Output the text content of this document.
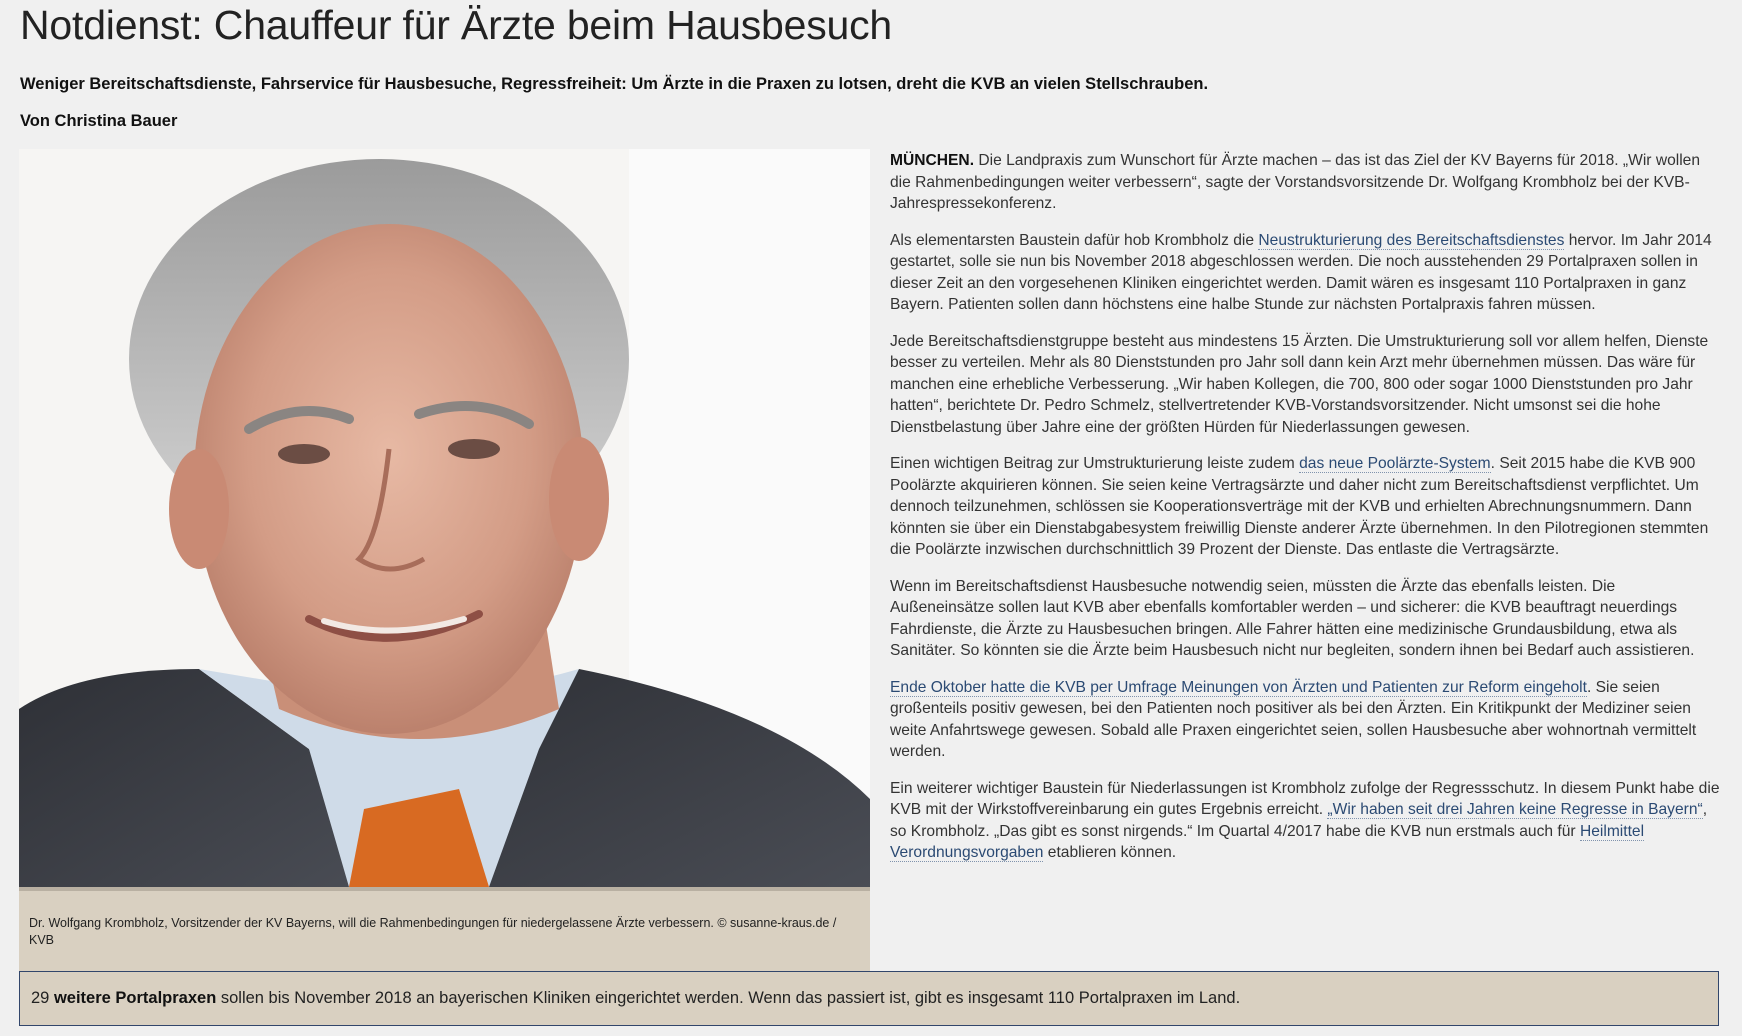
Notdienst: Chauffeur für Ärzte beim Hausbesuch

Weniger Bereitschaftsdienste, Fahrservice für Hausbesuche, Regressfreiheit: Um Ärzte in die Praxen zu lotsen, dreht die KVB an vielen Stellschrauben.

Von Christina Bauer

Dr. Wolfgang Krombholz, Vorsitzender der KV Bayerns, will die Rahmenbedingungen für niedergelassene Ärzte verbessern. © susanne-kraus.de / KVB

MÜNCHEN. Die Landpraxis zum Wunschort für Ärzte machen – das ist das Ziel der KV Bayerns für 2018. „Wir wollen die Rahmenbedingungen weiter verbessern“, sagte der Vorstandsvorsitzende Dr. Wolfgang Krombholz bei der KVB-Jahrespressekonferenz.

Als elementarsten Baustein dafür hob Krombholz die Neustrukturierung des Bereitschaftsdienstes hervor. Im Jahr 2014 gestartet, solle sie nun bis November 2018 abgeschlossen werden. Die noch ausstehenden 29 Portalpraxen sollen in dieser Zeit an den vorgesehenen Kliniken eingerichtet werden. Damit wären es insgesamt 110 Portalpraxen in ganz Bayern. Patienten sollen dann höchstens eine halbe Stunde zur nächsten Portalpraxis fahren müssen.

Jede Bereitschaftsdienstgruppe besteht aus mindestens 15 Ärzten. Die Umstrukturierung soll vor allem helfen, Dienste besser zu verteilen. Mehr als 80 Dienststunden pro Jahr soll dann kein Arzt mehr übernehmen müssen. Das wäre für manchen eine erhebliche Verbesserung. „Wir haben Kollegen, die 700, 800 oder sogar 1000 Dienststunden pro Jahr hatten“, berichtete Dr. Pedro Schmelz, stellvertretender KVB-Vorstandsvorsitzender. Nicht umsonst sei die hohe Dienstbelastung über Jahre eine der größten Hürden für Niederlassungen gewesen.

Einen wichtigen Beitrag zur Umstrukturierung leiste zudem das neue Poolärzte-System. Seit 2015 habe die KVB 900 Poolärzte akquirieren können. Sie seien keine Vertragsärzte und daher nicht zum Bereitschaftsdienst verpflichtet. Um dennoch teilzunehmen, schlössen sie Kooperationsverträge mit der KVB und erhielten Abrechnungsnummern. Dann könnten sie über ein Dienstabgabesystem freiwillig Dienste anderer Ärzte übernehmen. In den Pilotregionen stemmten die Poolärzte inzwischen durchschnittlich 39 Prozent der Dienste. Das entlaste die Vertragsärzte.

Wenn im Bereitschaftsdienst Hausbesuche notwendig seien, müssten die Ärzte das ebenfalls leisten. Die Außeneinsätze sollen laut KVB aber ebenfalls komfortabler werden – und sicherer: die KVB beauftragt neuerdings Fahrdienste, die Ärzte zu Hausbesuchen bringen. Alle Fahrer hätten eine medizinische Grundausbildung, etwa als Sanitäter. So könnten sie die Ärzte beim Hausbesuch nicht nur begleiten, sondern ihnen bei Bedarf auch assistieren.

Ende Oktober hatte die KVB per Umfrage Meinungen von Ärzten und Patienten zur Reform eingeholt. Sie seien großenteils positiv gewesen, bei den Patienten noch positiver als bei den Ärzten. Ein Kritikpunkt der Mediziner seien weite Anfahrtswege gewesen. Sobald alle Praxen eingerichtet seien, sollen Hausbesuche aber wohnortnah vermittelt werden.

Ein weiterer wichtiger Baustein für Niederlassungen ist Krombholz zufolge der Regressschutz. In diesem Punkt habe die KVB mit der Wirkstoffvereinbarung ein gutes Ergebnis erreicht. „Wir haben seit drei Jahren keine Regresse in Bayern“, so Krombholz. „Das gibt es sonst nirgends.“ Im Quartal 4/2017 habe die KVB nun erstmals auch für Heilmittel Verordnungsvorgaben etablieren können.

29 weitere Portalpraxen sollen bis November 2018 an bayerischen Kliniken eingerichtet werden. Wenn das passiert ist, gibt es insgesamt 110 Portalpraxen im Land.
